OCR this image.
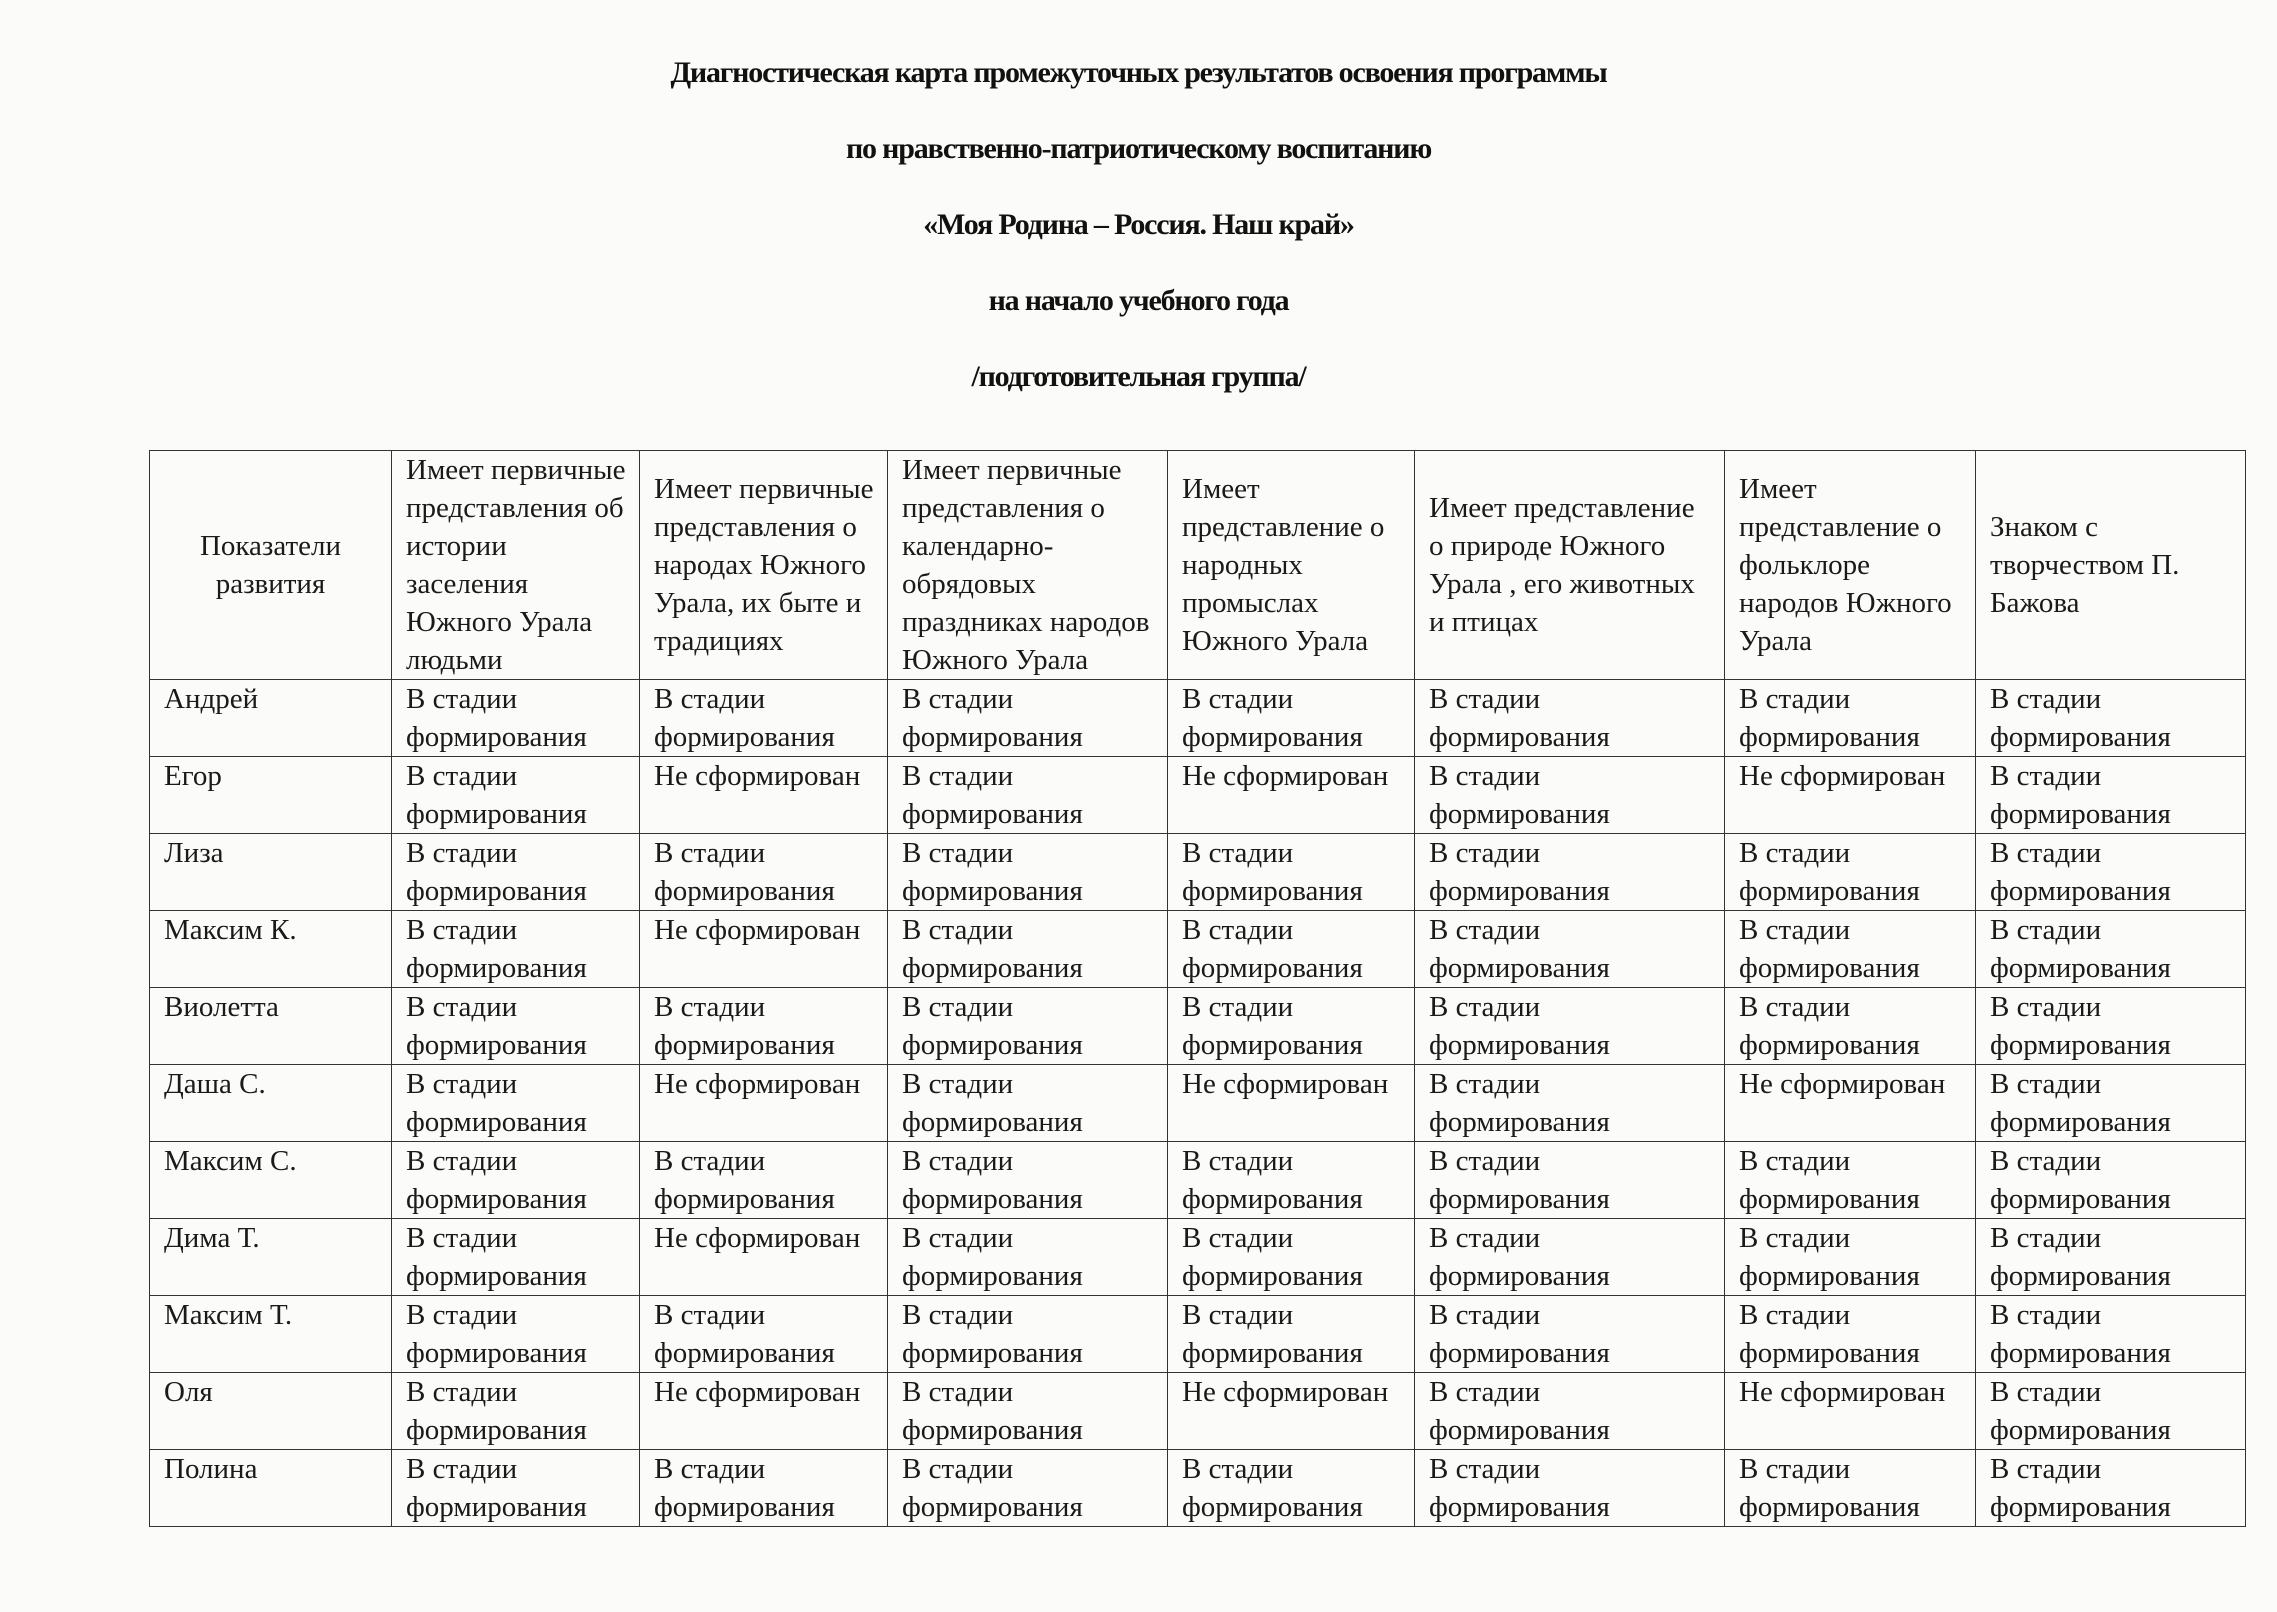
Диагностическая карта промежуточных результатов освоения программы
по нравственно-патриотическому воспитанию
«Моя Родина – Россия. Наш край»
на начало учебного года
/подготовительная группа/
Показатели развития	Имеет первичные представления об истории заселения Южного Урала людьми	Имеет первичные представления о народах Южного Урала, их быте и традициях	Имеет первичные представления о календарно-обрядовых праздниках народов Южного Урала	Имеет представление о народных промыслах Южного Урала	Имеет представление о природе Южного Урала , его животных и птицах	Имеет представление о фольклоре народов Южного Урала	Знаком с творчеством П. Бажова
Андрей	В стадии формирования	В стадии формирования	В стадии формирования	В стадии формирования	В стадии формирования	В стадии формирования	В стадии формирования
Егор	В стадии формирования	Не сформирован	В стадии формирования	Не сформирован	В стадии формирования	Не сформирован	В стадии формирования
Лиза	В стадии формирования	В стадии формирования	В стадии формирования	В стадии формирования	В стадии формирования	В стадии формирования	В стадии формирования
Максим К.	В стадии формирования	Не сформирован	В стадии формирования	В стадии формирования	В стадии формирования	В стадии формирования	В стадии формирования
Виолетта	В стадии формирования	В стадии формирования	В стадии формирования	В стадии формирования	В стадии формирования	В стадии формирования	В стадии формирования
Даша С.	В стадии формирования	Не сформирован	В стадии формирования	Не сформирован	В стадии формирования	Не сформирован	В стадии формирования
Максим С.	В стадии формирования	В стадии формирования	В стадии формирования	В стадии формирования	В стадии формирования	В стадии формирования	В стадии формирования
Дима Т.	В стадии формирования	Не сформирован	В стадии формирования	В стадии формирования	В стадии формирования	В стадии формирования	В стадии формирования
Максим Т.	В стадии формирования	В стадии формирования	В стадии формирования	В стадии формирования	В стадии формирования	В стадии формирования	В стадии формирования
Оля	В стадии формирования	Не сформирован	В стадии формирования	Не сформирован	В стадии формирования	Не сформирован	В стадии формирования
Полина	В стадии формирования	В стадии формирования	В стадии формирования	В стадии формирования	В стадии формирования	В стадии формирования	В стадии формирования
